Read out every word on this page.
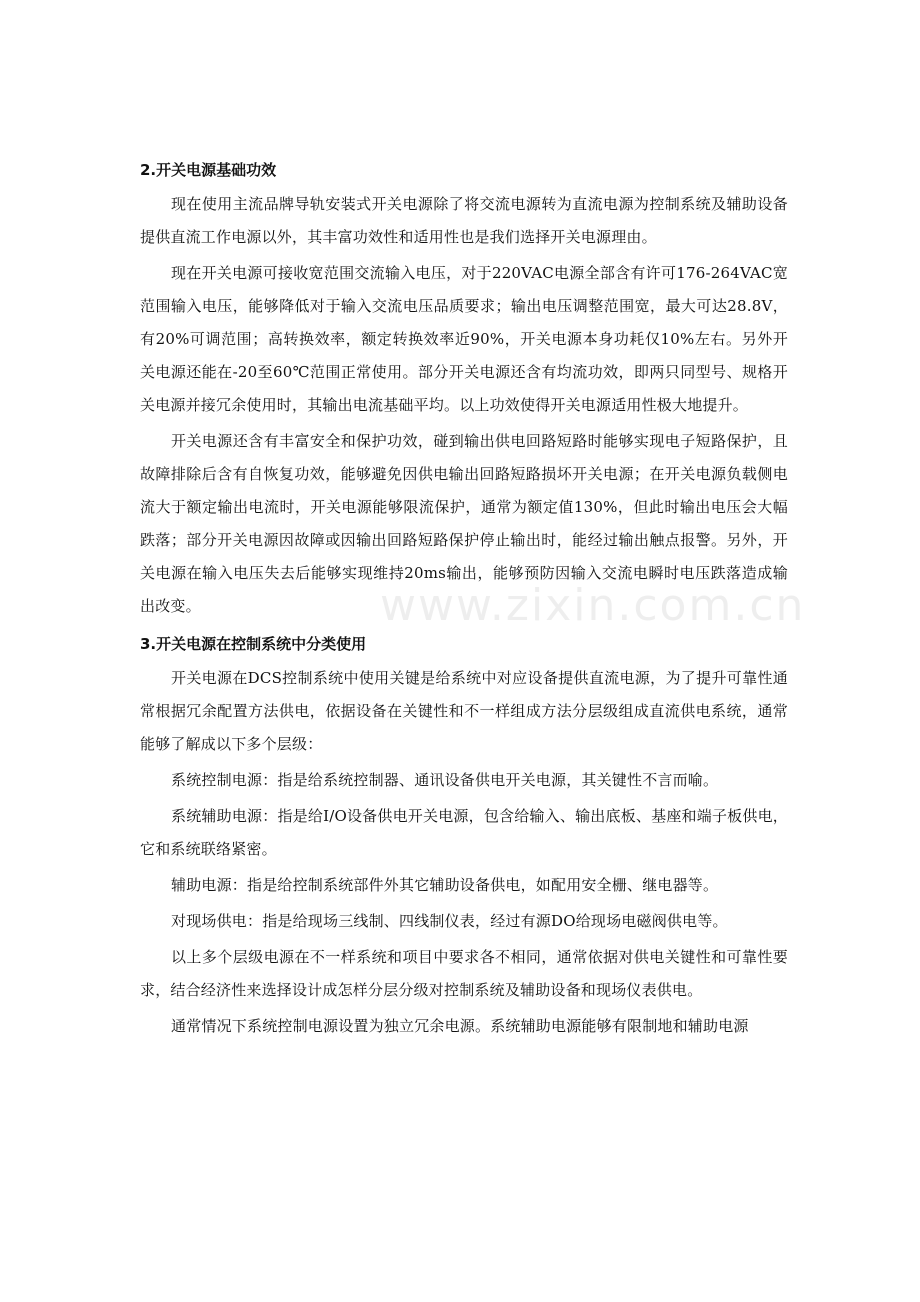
2.开关电源基础功效

现在使用主流品牌导轨安装式开关电源除了将交流电源转为直流电源为控制系统及辅助设备提供直流工作电源以外，其丰富功效性和适用性也是我们选择开关电源理由。

现在开关电源可接收宽范围交流输入电压，对于220VAC电源全部含有许可176-264VAC宽范围输入电压，能够降低对于输入交流电压品质要求；输出电压调整范围宽，最大可达28.8V，有20%可调范围；高转换效率，额定转换效率近90%，开关电源本身功耗仅10%左右。另外开关电源还能在-20至60℃范围正常使用。部分开关电源还含有均流功效，即两只同型号、规格开关电源并接冗余使用时，其输出电流基础平均。以上功效使得开关电源适用性极大地提升。

开关电源还含有丰富安全和保护功效，碰到输出供电回路短路时能够实现电子短路保护，且故障排除后含有自恢复功效，能够避免因供电输出回路短路损坏开关电源；在开关电源负载侧电流大于额定输出电流时，开关电源能够限流保护，通常为额定值130%，但此时输出电压会大幅跌落；部分开关电源因故障或因输出回路短路保护停止输出时，能经过输出触点报警。另外，开关电源在输入电压失去后能够实现维持20ms输出，能够预防因输入交流电瞬时电压跌落造成输出改变。

3.开关电源在控制系统中分类使用

开关电源在DCS控制系统中使用关键是给系统中对应设备提供直流电源，为了提升可靠性通常根据冗余配置方法供电，依据设备在关键性和不一样组成方法分层级组成直流供电系统，通常能够了解成以下多个层级：

系统控制电源：指是给系统控制器、通讯设备供电开关电源，其关键性不言而喻。

系统辅助电源：指是给I/O设备供电开关电源，包含给输入、输出底板、基座和端子板供电，它和系统联络紧密。

辅助电源：指是给控制系统部件外其它辅助设备供电，如配用安全栅、继电器等。

对现场供电：指是给现场三线制、四线制仪表，经过有源DO给现场电磁阀供电等。

以上多个层级电源在不一样系统和项目中要求各不相同，通常依据对供电关键性和可靠性要求，结合经济性来选择设计成怎样分层分级对控制系统及辅助设备和现场仪表供电。

通常情况下系统控制电源设置为独立冗余电源。系统辅助电源能够有限制地和辅助电源

www.zixin.com.cn
